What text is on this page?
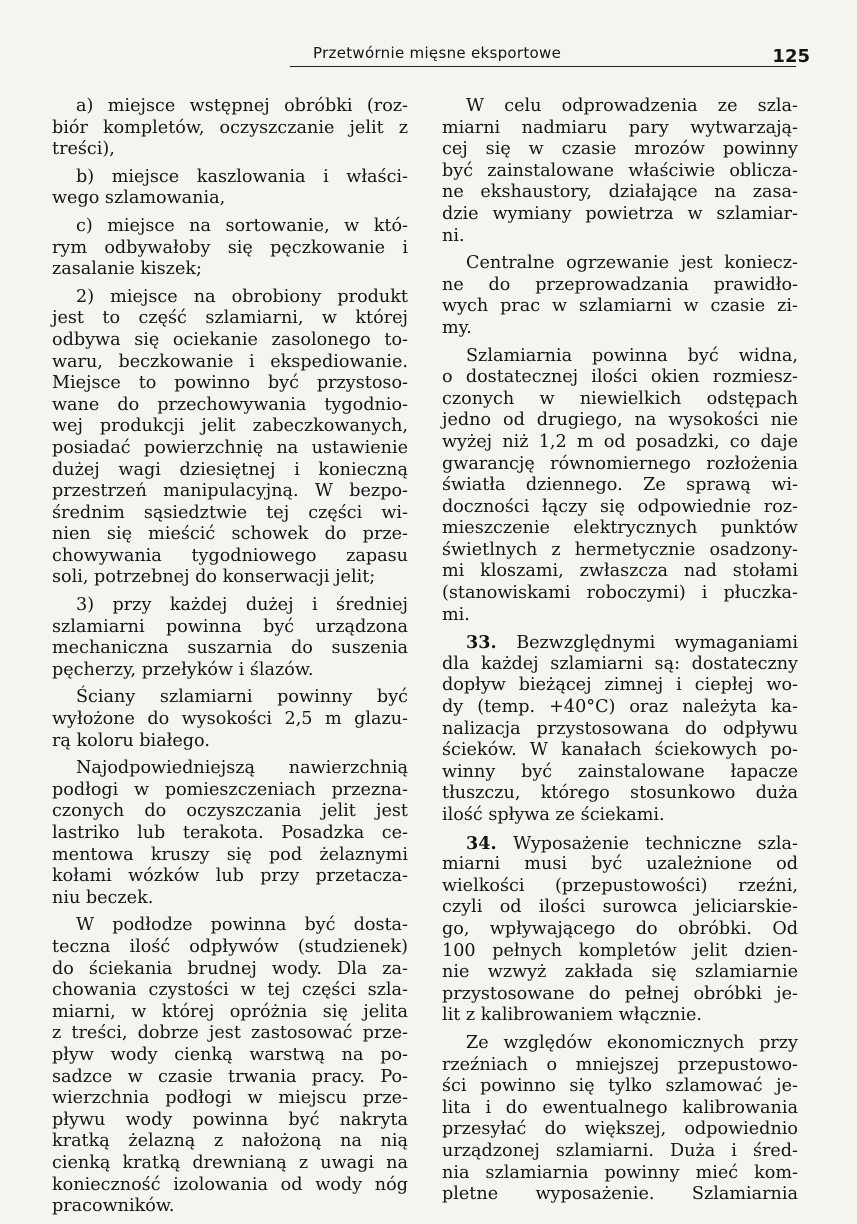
Przetwórnie mięsne eksportowe	125
a) miejsce wstępnej obróbki (roz-
biór kompletów, oczyszczanie jelit z
treści),
b) miejsce kaszlowania i właści-
wego szlamowania,
c) miejsce na sortowanie, w któ-
rym odbywałoby się pęczkowanie i
zasalanie kiszek;
2) miejsce na obrobiony produkt
jest to część szlamiarni, w której
odbywa się ociekanie zasolonego to-
waru, beczkowanie i ekspediowanie.
Miejsce to powinno być przystoso-
wane do przechowywania tygodnio-
wej produkcji jelit zabeczkowanych,
posiadać powierzchnię na ustawienie
dużej wagi dziesiętnej i konieczną
przestrzeń manipulacyjną. W bezpo-
średnim sąsiedztwie tej części wi-
nien się mieścić schowek do prze-
chowywania tygodniowego zapasu
soli, potrzebnej do konserwacji jelit;
3) przy każdej dużej i średniej
szlamiarni powinna być urządzona
mechaniczna suszarnia do suszenia
pęcherzy, przełyków i ślazów.
Ściany szlamiarni powinny być
wyłożone do wysokości 2,5 m glazu-
rą koloru białego.
Najodpowiedniejszą nawierzchnią
podłogi w pomieszczeniach przezna-
czonych do oczyszczania jelit jest
lastriko lub terakota. Posadzka ce-
mentowa kruszy się pod żelaznymi
kołami wózków lub przy przetacza-
niu beczek.
W podłodze powinna być dosta-
teczna ilość odpływów (studzienek)
do ściekania brudnej wody. Dla za-
chowania czystości w tej części szla-
miarni, w której opróżnia się jelita
z treści, dobrze jest zastosować prze-
pływ wody cienką warstwą na po-
sadzce w czasie trwania pracy. Po-
wierzchnia podłogi w miejscu prze-
pływu wody powinna być nakryta
kratką żelazną z nałożoną na nią
cienką kratką drewnianą z uwagi na
konieczność izolowania od wody nóg
pracowników.
W celu odprowadzenia ze szla-
miarni nadmiaru pary wytwarzają-
cej się w czasie mrozów powinny
być zainstalowane właściwie oblicza-
ne ekshaustory, działające na zasa-
dzie wymiany powietrza w szlamiar-
ni.
Centralne ogrzewanie jest koniecz-
ne do przeprowadzania prawidło-
wych prac w szlamiarni w czasie zi-
my.
Szlamiarnia powinna być widna,
o dostatecznej ilości okien rozmiesz-
czonych w niewielkich odstępach
jedno od drugiego, na wysokości nie
wyżej niż 1,2 m od posadzki, co daje
gwarancję równomiernego rozłożenia
światła dziennego. Ze sprawą wi-
doczności łączy się odpowiednie roz-
mieszczenie elektrycznych punktów
świetlnych z hermetycznie osadzony-
mi kloszami, zwłaszcza nad stołami
(stanowiskami roboczymi) i płuczka-
mi.
33. Bezwzględnymi wymaganiami
dla każdej szlamiarni są: dostateczny
dopływ bieżącej zimnej i ciepłej wo-
dy (temp. +40°C) oraz należyta ka-
nalizacja przystosowana do odpływu
ścieków. W kanałach ściekowych po-
winny być zainstalowane łapacze
tłuszczu, którego stosunkowo duża
ilość spływa ze ściekami.
34. Wyposażenie techniczne szla-
miarni musi być uzależnione od
wielkości (przepustowości) rzeźni,
czyli od ilości surowca jeliciarskie-
go, wpływającego do obróbki. Od
100 pełnych kompletów jelit dzien-
nie wzwyż zakłada się szlamiarnie
przystosowane do pełnej obróbki je-
lit z kalibrowaniem włącznie.
Ze względów ekonomicznych przy
rzeźniach o mniejszej przepustowo-
ści powinno się tylko szlamować je-
lita i do ewentualnego kalibrowania
przesyłać do większej, odpowiednio
urządzonej szlamiarni. Duża i śred-
nia szlamiarnia powinny mieć kom-
pletne wyposażenie. Szlamiarnia
